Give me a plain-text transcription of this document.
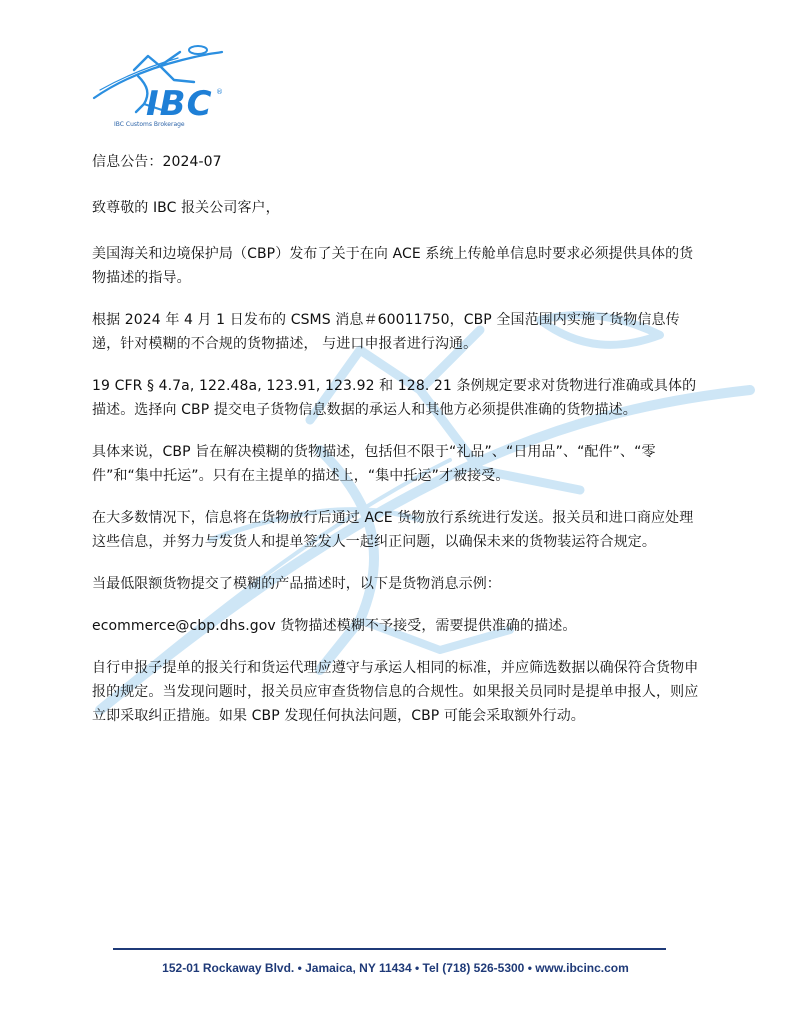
IBC ®
IBC Customs Brokerage

信息公告：2024-07

致尊敬的 IBC 报关公司客户，

美国海关和边境保护局（CBP）发布了关于在向 ACE 系统上传舱单信息时要求必须提供具体的货物描述的指导。

根据 2024 年 4 月 1 日发布的 CSMS 消息＃60011750，CBP 全国范围内实施了货物信息传递，针对模糊的不合规的货物描述， 与进口申报者进行沟通。

19 CFR § 4.7a, 122.48a, 123.91, 123.92 和 128. 21 条例规定要求对货物进行准确或具体的描述。选择向 CBP 提交电子货物信息数据的承运人和其他方必须提供准确的货物描述。

具体来说，CBP 旨在解决模糊的货物描述，包括但不限于“礼品”、“日用品”、“配件”、“零件”和“集中托运”。只有在主提单的描述上，“集中托运”才被接受。

在大多数情况下，信息将在货物放行后通过 ACE 货物放行系统进行发送。报关员和进口商应处理这些信息，并努力与发货人和提单签发人一起纠正问题，以确保未来的货物装运符合规定。

当最低限额货物提交了模糊的产品描述时，以下是货物消息示例：

ecommerce@cbp.dhs.gov 货物描述模糊不予接受，需要提供准确的描述。

自行申报子提单的报关行和货运代理应遵守与承运人相同的标准，并应筛选数据以确保符合货物申报的规定。当发现问题时，报关员应审查货物信息的合规性。如果报关员同时是提单申报人，则应立即采取纠正措施。如果 CBP 发现任何执法问题，CBP 可能会采取额外行动。

152-01 Rockaway Blvd. • Jamaica, NY 11434 • Tel (718) 526-5300 • www.ibcinc.com
